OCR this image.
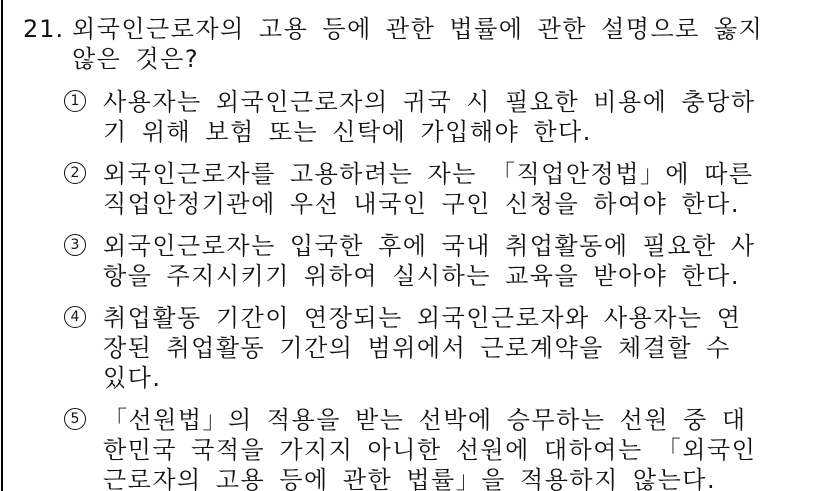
21. 외국인근로자의 고용 등에 관한 법률에 관한 설명으로 옳지
않은 것은?
1 사용자는 외국인근로자의 귀국 시 필요한 비용에 충당하
기 위해 보험 또는 신탁에 가입해야 한다.
2 외국인근로자를 고용하려는 자는 「직업안정법」에 따른
직업안정기관에 우선 내국인 구인 신청을 하여야 한다.
3 외국인근로자는 입국한 후에 국내 취업활동에 필요한 사
항을 주지시키기 위하여 실시하는 교육을 받아야 한다.
4 취업활동 기간이 연장되는 외국인근로자와 사용자는 연
장된 취업활동 기간의 범위에서 근로계약을 체결할 수
있다.
5 「선원법」의 적용을 받는 선박에 승무하는 선원 중 대
한민국 국적을 가지지 아니한 선원에 대하여는 「외국인
근로자의 고용 등에 관한 법률」을 적용하지 않는다.
